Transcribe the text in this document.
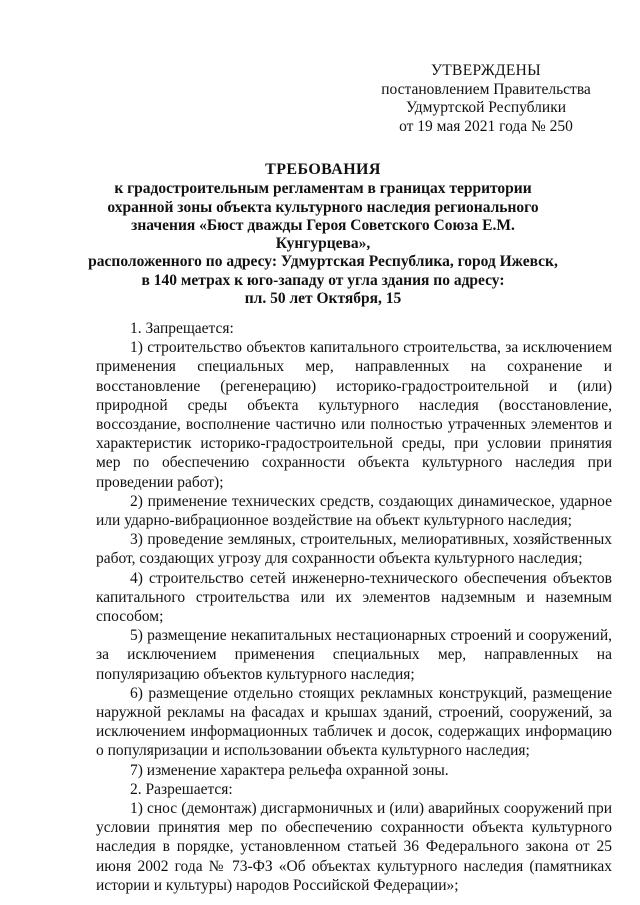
УТВЕРЖДЕНЫ
постановлением Правительства
Удмуртской Республики
от 19 мая 2021 года № 250
ТРЕБОВАНИЯ
к градостроительным регламентам в границах территории
охранной зоны объекта культурного наследия регионального
значения «Бюст дважды Героя Советского Союза Е.М. Кунгурцева»,
расположенного по адресу: Удмуртская Республика, город Ижевск,
в 140 метрах к юго-западу от угла здания по адресу:
пл. 50 лет Октября, 15

1. Запрещается:

1) строительство объектов капитального строительства, за исключением применения специальных мер, направленных на сохранение и восстановление (регенерацию) историко-градостроительной и (или) природной среды объекта культурного наследия (восстановление, воссоздание, восполнение частично или полностью утраченных элементов и характеристик историко-градостроительной среды, при условии принятия мер по обеспечению сохранности объекта культурного наследия при проведении работ);

2) применение технических средств, создающих динамическое, ударное или ударно-вибрационное воздействие на объект культурного наследия;

3) проведение земляных, строительных, мелиоративных, хозяйственных работ, создающих угрозу для сохранности объекта культурного наследия;

4) строительство сетей инженерно-технического обеспечения объектов капитального строительства или их элементов надземным и наземным способом;

5) размещение некапитальных нестационарных строений и сооружений, за исключением применения специальных мер, направленных на популяризацию объектов культурного наследия;

6) размещение отдельно стоящих рекламных конструкций, размещение наружной рекламы на фасадах и крышах зданий, строений, сооружений, за исключением информационных табличек и досок, содержащих информацию о популяризации и использовании объекта культурного наследия;

7) изменение характера рельефа охранной зоны.

2. Разрешается:

1) снос (демонтаж) дисгармоничных и (или) аварийных сооружений при условии принятия мер по обеспечению сохранности объекта культурного наследия в порядке, установленном статьей 36 Федерального закона от 25 июня 2002 года № 73-ФЗ «Об объектах культурного наследия (памятниках истории и культуры) народов Российской Федерации»;
